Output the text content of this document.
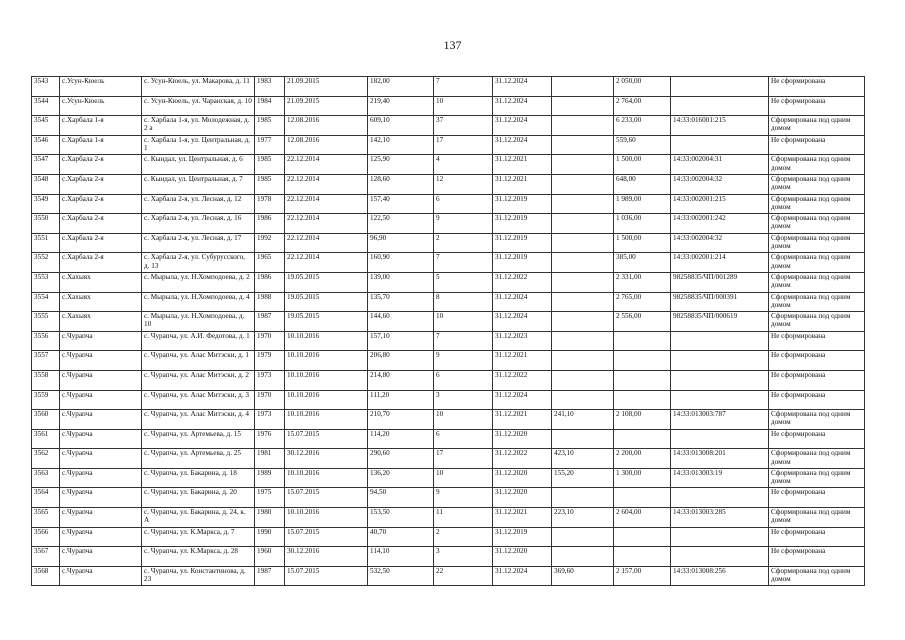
137
3543	с.Усун-Кюель	с. Усун-Кюель, ул. Макарова, д. 11	1983	21.09.2015	182,00	7	31.12.2024		2 050,00		Не сформирована
3544	с.Усун-Кюель	с. Усун-Кюель, ул. Чаранская, д. 10	1984	21.09.2015	219,40	10	31.12.2024		2 764,00		Не сформирована
3545	с.Харбала 1-я	с. Харбала 1-я, ул. Молодежная, д. 2 а	1985	12.08.2016	609,10	37	31.12.2024		6 233,00	14:33:016001:215	Сформирована под одним домом
3546	с.Харбала 1-я	с. Харбала 1-я, ул. Центральная, д. 1	1977	12.08.2016	142,10	17	31.12.2024		559,60		Не сформирована
3547	с.Харбала 2-я	с. Кындал, ул. Центральная, д. 6	1985	22.12.2014	125,90	4	31.12.2021		1 500,00	14:33:002004:31	Сформирована под одним домом
3548	с.Харбала 2-я	с. Кындал, ул. Центральная, д. 7	1985	22.12.2014	128,60	12	31.12.2021		648,00	14:33:002004:32	Сформирована под одним домом
3549	с.Харбала 2-я	с. Харбала 2-я, ул. Лесная, д. 12	1978	22.12.2014	157,40	6	31.12.2019		1 989,00	14:33:002001:215	Сформирована под одним домом
3550	с.Харбала 2-я	с. Харбала 2-я, ул. Лесная, д. 16	1986	22.12.2014	122,50	9	31.12.2019		1 036,00	14:33:002001:242	Сформирована под одним домом
3551	с.Харбала 2-я	с. Харбала 2-я, ул. Лесная, д. 17	1992	22.12.2014	96,90	2	31.12.2019		1 500,00	14:33:002004:32	Сформирована под одним домом
3552	с.Харбала 2-я	с. Харбала 2-я, ул. Субурусского, д. 13	1965	22.12.2014	160,90	7	31.12.2019		385,00	14:33:002001:214	Сформирована под одним домом
3553	с.Хахыях	с. Мырыла, ул. Н.Хомподоева, д. 2	1986	19.05.2015	139,00	5	31.12.2022		2 331,00	98258835/ЧП/001289	Сформирована под одним домом
3554	с.Хахыях	с. Мырыла, ул. Н.Хомподоева, д. 4	1988	19.05.2015	135,70	8	31.12.2024		2 765,00	98258835/ЧП/000391	Сформирована под одним домом
3555	с.Хахыях	с. Мырыла, ул. Н.Хомподоева, д. 10	1987	19.05.2015	144,60	10	31.12.2024		2 556,00	98258835/ЧП/000619	Сформирована под одним домом
3556	с.Чурапча	с. Чурапча, ул. А.И. Федотова, д. 1	1970	10.10.2016	157,10	7	31.12.2023				Не сформирована
3557	с.Чурапча	с. Чурапча, ул. Алас Митэски, д. 1	1979	10.10.2016	206,80	9	31.12.2021				Не сформирована
3558	с.Чурапча	с. Чурапча, ул. Алас Митэски, д. 2	1973	10.10.2016	214,80	6	31.12.2022				Не сформирована
3559	с.Чурапча	с. Чурапча, ул. Алас Митэски, д. 3	1970	10.10.2016	111,20	3	31.12.2024				Не сформирована
3560	с.Чурапча	с. Чурапча, ул. Алас Митэски, д. 4	1973	10.10.2016	210,70	10	31.12.2021	241,10	2 108,00	14:33:013003:787	Сформирована под одним домом
3561	с.Чурапча	с. Чурапча, ул. Артемьева, д. 15	1976	15.07.2015	114,20	6	31.12.2020				Не сформирована
3562	с.Чурапча	с. Чурапча, ул. Артемьева, д. 25	1981	30.12.2016	290,60	17	31.12.2022	423,10	2 200,00	14:33:013008:201	Сформирована под одним домом
3563	с.Чурапча	с. Чурапча, ул. Бакарина, д. 18	1989	10.10.2016	136,20	10	31.12.2020	155,20	1 300,00	14:33:013003:19	Сформирована под одним домом
3564	с.Чурапча	с. Чурапча, ул. Бакарина, д. 20	1975	15.07.2015	94,50	9	31.12.2020				Не сформирована
3565	с.Чурапча	с. Чурапча, ул. Бакарина, д. 24, к. А	1980	10.10.2016	153,50	11	31.12.2021	223,10	2 604,00	14:33:013003:285	Сформирована под одним домом
3566	с.Чурапча	с. Чурапча, ул. К.Маркса, д. 7	1990	15.07.2015	40,70	2	31.12.2019				Не сформирована
3567	с.Чурапча	с. Чурапча, ул. К.Маркса, д. 28	1960	30.12.2016	114,10	3	31.12.2020				Не сформирована
3568	с.Чурапча	с. Чурапча, ул. Константинова, д. 23	1987	15.07.2015	532,50	22	31.12.2024	369,60	2 157,00	14:33:013008:256	Сформирована под одним домом
